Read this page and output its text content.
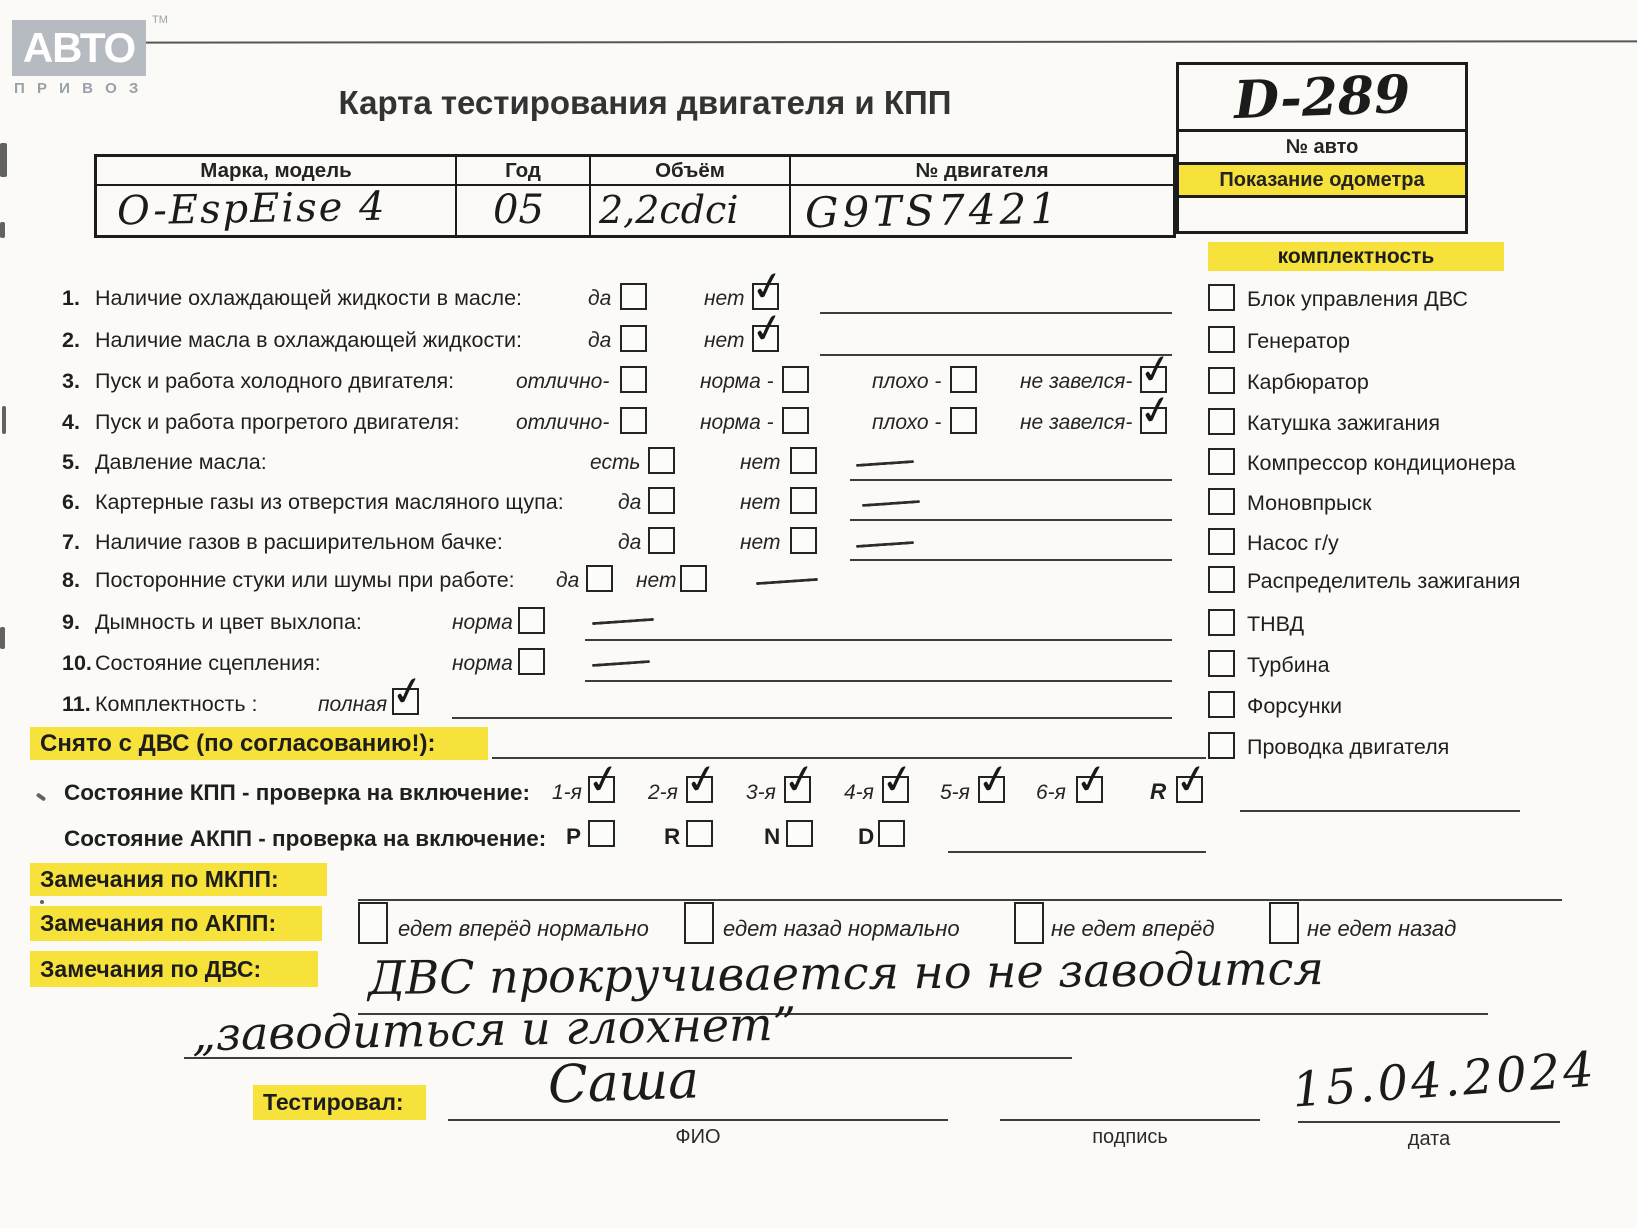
АВТО
ТМ
П Р И В О З	Карта тестирования двигателя и КПП	D-289
№ авто
Показание одометра
Марка, модель	Год	Объём	№ двигателя
O-EspEise 4	05 2,2cdci G9TS7421
комплектность
Блок управления ДВС
Генератор
Карбюратор
Катушка зажигания
Компрессор кондиционера
Моновпрыск
Насос г/у
Распределитель зажигания
ТНВД
Турбина
Форсунки
Проводка двигателя
1. Наличие охлаждающей жидкости в масле:	да	нет ✓
2. Наличие масла в охлаждающей жидкости:	да	нет ✓
3. Пуск и работа холодного двигателя:	отлично-	норма -	плохо -	не завелся- ✓
4. Пуск и работа прогретого двигателя:	отлично-	норма -	плохо -	не завелся- ✓
5. Давление масла:	есть	нет
6. Картерные газы из отверстия масляного щупа:	да	нет
7. Наличие газов в расширительном бачке:	да	нет
8. Посторонние стуки или шумы при работе: да	нет
9. Дымность и цвет выхлопа:	норма
10. Состояние сцепления:	норма
11. Комплектность :	полная ✓
Снято с ДВС (по согласованию!):
Состояние КПП - проверка на включение: 1-я ✓ 2-я ✓ 3-я ✓ 4-я ✓ 5-я ✓ 6-я ✓ R ✓
Состояние АКПП - проверка на включение: P	R	N	D
Замечания по МКПП:
Замечания по АКПП:	едет вперёд нормально	едет назад нормально	не едет вперёд	не едет назад
Замечания по ДВС: ДВС прокручивается но не заводится
„заводиться и глохнет”
Тестировал:	Саша
ФИО	подпись
15.04.2024
дата
